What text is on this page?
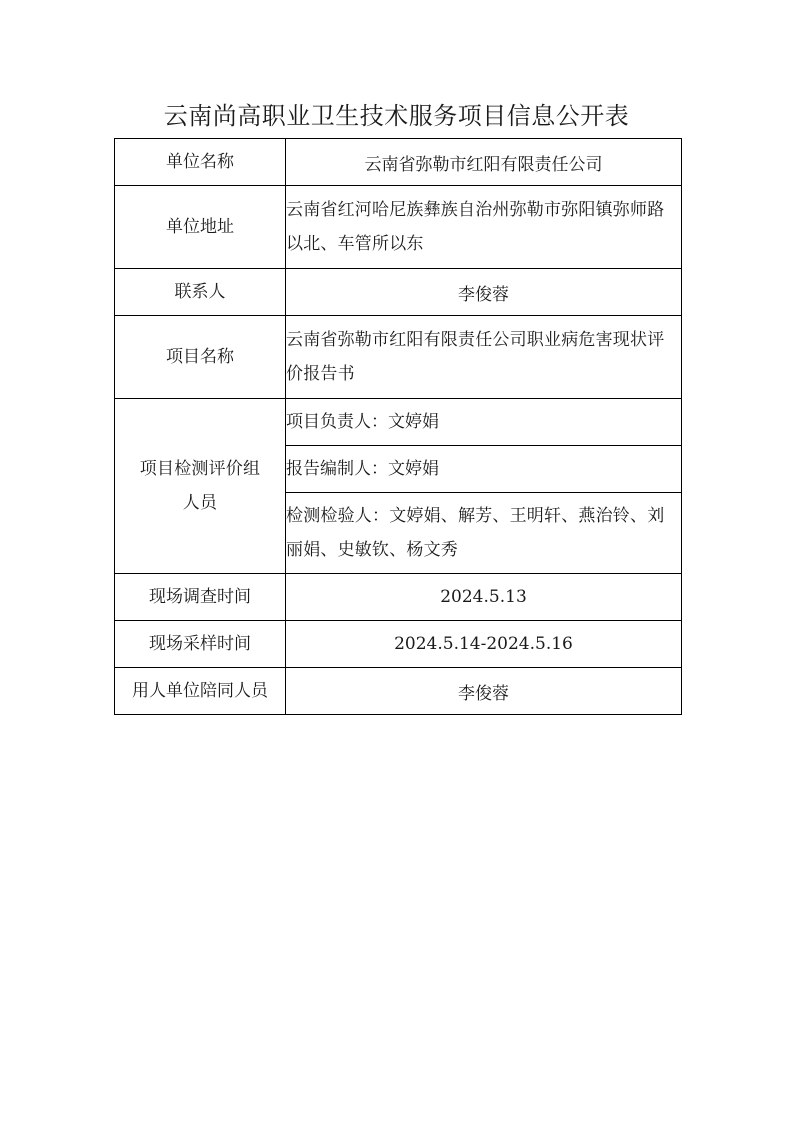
云南尚高职业卫生技术服务项目信息公开表
单位名称	云南省弥勒市红阳有限责任公司
单位地址	云南省红河哈尼族彝族自治州弥勒市弥阳镇弥师路以北、车管所以东

联系人	李俊蓉
项目名称	云南省弥勒市红阳有限责任公司职业病危害现状评价报告书

项目检测评价组人员	项目负责人：文婷娟
	报告编制人：文婷娟

	检测检验人：文婷娟、解芳、王明轩、燕治铃、刘丽娟、史敏钦、杨文秀

现场调查时间	2024.5.13
现场采样时间	2024.5.14-2024.5.16
用人单位陪同人员	李俊蓉
